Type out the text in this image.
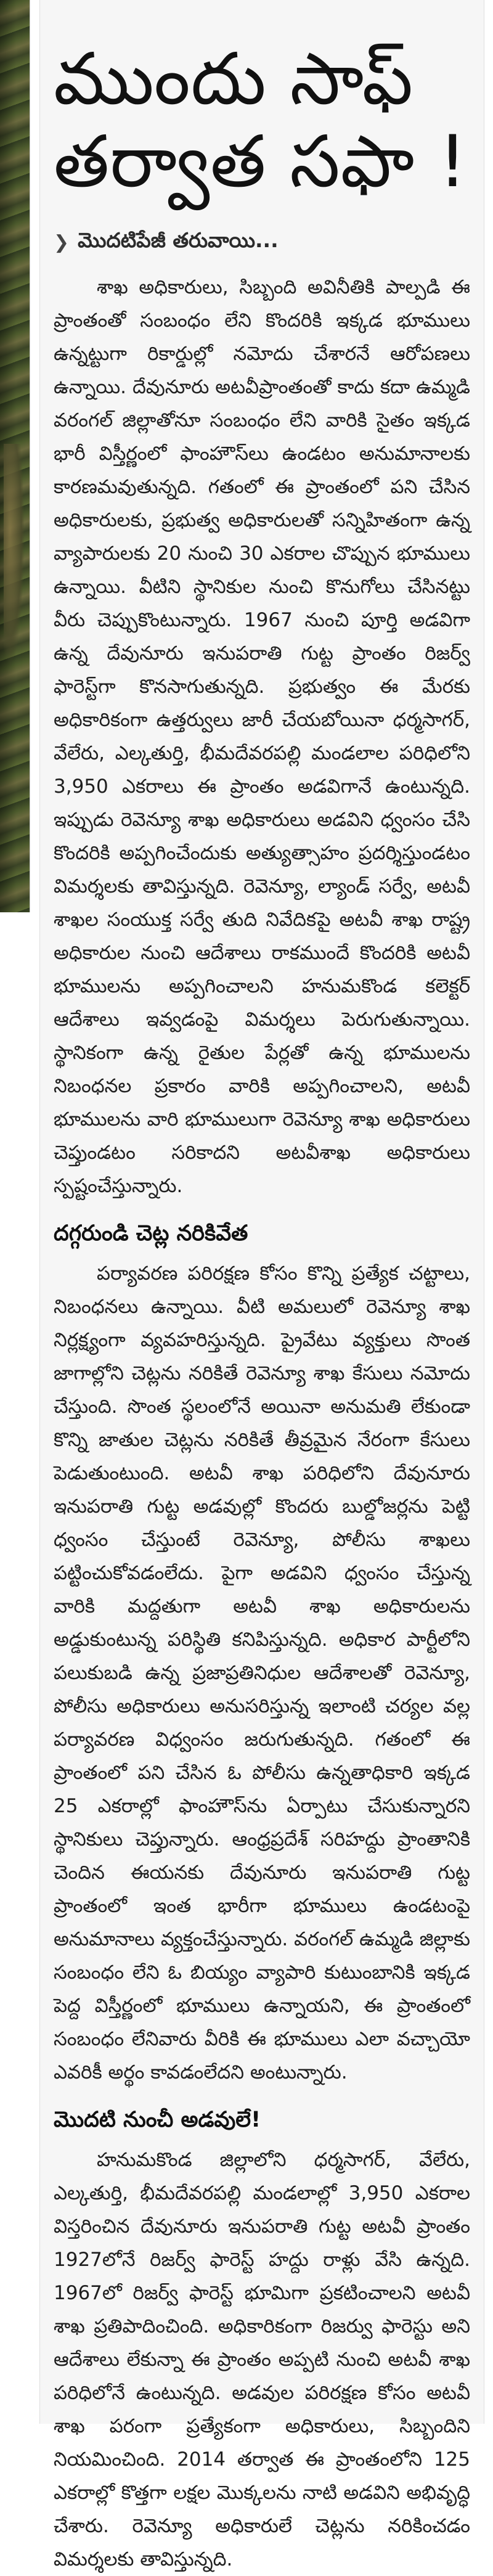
ముందు సాఫ్ తర్వాత సఫా !
❯ మొదటిపేజీ తరువాయి...

శాఖ అధికారులు, సిబ్బంది అవినీతికి పాల్పడి ఈ ప్రాంతంతో సంబంధం లేని కొందరికి ఇక్కడ భూములు ఉన్నట్టుగా రికార్డుల్లో నమోదు చేశారనే ఆరోపణలు ఉన్నాయి. దేవునూరు అటవీప్రాంతంతో కాదు కదా ఉమ్మడి వరంగల్ జిల్లాతోనూ సంబంధం లేని వారికి సైతం ఇక్కడ భారీ విస్తీర్ణంలో ఫాంహౌస్‌లు ఉండటం అనుమానాలకు కారణమవుతున్నది. గతంలో ఈ ప్రాంతంలో పని చేసిన అధికారులకు, ప్రభుత్వ అధికారులతో సన్నిహితంగా ఉన్న వ్యాపారులకు 20 నుంచి 30 ఎకరాల చొప్పున భూములు ఉన్నాయి. వీటిని స్థానికుల నుంచి కొనుగోలు చేసినట్టు వీరు చెప్పుకొంటున్నారు. 1967 నుంచి పూర్తి అడవిగా ఉన్న దేవునూరు ఇనుపరాతి గుట్ట ప్రాంతం రిజర్వ్ ఫారెస్ట్‌గా కొనసాగుతున్నది. ప్రభుత్వం ఈ మేరకు అధికారికంగా ఉత్తర్వులు జారీ చేయబోయినా ధర్మసాగర్, వేలేరు, ఎల్కతుర్తి, భీమదేవరపల్లి మండలాల పరిధిలోని 3,950 ఎకరాలు ఈ ప్రాంతం అడవిగానే ఉంటున్నది. ఇప్పుడు రెవెన్యూ శాఖ అధికారులు అడవిని ధ్వంసం చేసి కొందరికి అప్పగించేందుకు అత్యుత్సాహం ప్రదర్శిస్తుండటం విమర్శలకు తావిస్తున్నది. రెవెన్యూ, ల్యాండ్ సర్వే, అటవీ శాఖల సంయుక్త సర్వే తుది నివేదికపై అటవీ శాఖ రాష్ట్ర అధికారుల నుంచి ఆదేశాలు రాకముందే కొందరికి అటవీ భూములను అప్పగించాలని హనుమకొండ కలెక్టర్ ఆదేశాలు ఇవ్వడంపై విమర్శలు పెరుగుతున్నాయి. స్థానికంగా ఉన్న రైతుల పేర్లతో ఉన్న భూములను నిబంధనల ప్రకారం వారికి అప్పగించాలని, అటవీ భూములను వారి భూములుగా రెవెన్యూ శాఖ అధికారులు చెప్తుండటం సరికాదని అటవీశాఖ అధికారులు స్పష్టంచేస్తున్నారు.

దగ్గరుండి చెట్ల నరికివేత

పర్యావరణ పరిరక్షణ కోసం కొన్ని ప్రత్యేక చట్టాలు, నిబంధనలు ఉన్నాయి. వీటి అమలులో రెవెన్యూ శాఖ నిర్లక్ష్యంగా వ్యవహరిస్తున్నది. ప్రైవేటు వ్యక్తులు సొంత జాగాల్లోని చెట్లను నరికితే రెవెన్యూ శాఖ కేసులు నమోదు చేస్తుంది. సొంత స్థలంలోనే అయినా అనుమతి లేకుండా కొన్ని జాతుల చెట్లను నరికితే తీవ్రమైన నేరంగా కేసులు పెడుతుంటుంది. అటవీ శాఖ పరిధిలోని దేవునూరు ఇనుపరాతి గుట్ట అడవుల్లో కొందరు బుల్డోజర్లను పెట్టి ధ్వంసం చేస్తుంటే రెవెన్యూ, పోలీసు శాఖలు పట్టించుకోవడంలేదు. పైగా అడవిని ధ్వంసం చేస్తున్న వారికి మద్దతుగా అటవీ శాఖ అధికారులను అడ్డుకుంటున్న పరిస్థితి కనిపిస్తున్నది. అధికార పార్టీలోని పలుకుబడి ఉన్న ప్రజాప్రతినిధుల ఆదేశాలతో రెవెన్యూ, పోలీసు అధికారులు అనుసరిస్తున్న ఇలాంటి చర్యల వల్ల పర్యావరణ విధ్వంసం జరుగుతున్నది. గతంలో ఈ ప్రాంతంలో పని చేసిన ఓ పోలీసు ఉన్నతాధికారి ఇక్కడ 25 ఎకరాల్లో ఫాంహౌస్‌ను ఏర్పాటు చేసుకున్నారని స్థానికులు చెప్తున్నారు. ఆంధ్రప్రదేశ్ సరిహద్దు ప్రాంతానికి చెందిన ఈయనకు దేవునూరు ఇనుపరాతి గుట్ట ప్రాంతంలో ఇంత భారీగా భూములు ఉండటంపై అనుమానాలు వ్యక్తంచేస్తున్నారు. వరంగల్ ఉమ్మడి జిల్లాకు సంబంధం లేని ఓ బియ్యం వ్యాపారి కుటుంబానికి ఇక్కడ పెద్ద విస్తీర్ణంలో భూములు ఉన్నాయని, ఈ ప్రాంతంలో సంబంధం లేనివారు వీరికి ఈ భూములు ఎలా వచ్చాయో ఎవరికీ అర్థం కావడంలేదని అంటున్నారు.

మొదటి నుంచీ అడవులే!

హనుమకొండ జిల్లాలోని ధర్మసాగర్, వేలేరు, ఎల్కతుర్తి, భీమదేవరపల్లి మండలాల్లో 3,950 ఎకరాల విస్తరించిన దేవునూరు ఇనుపరాతి గుట్ట అటవీ ప్రాంతం 1927లోనే రిజర్వ్ ఫారెస్ట్ హద్దు రాళ్లు వేసి ఉన్నది. 1967లో రిజర్వ్ ఫారెస్ట్ భూమిగా ప్రకటించాలని అటవీ శాఖ ప్రతిపాదించింది. అధికారికంగా రిజర్వు ఫారెస్టు అని ఆదేశాలు లేకున్నా ఈ ప్రాంతం అప్పటి నుంచి అటవీ శాఖ పరిధిలోనే ఉంటున్నది. అడవుల పరిరక్షణ కోసం అటవీ శాఖ పరంగా ప్రత్యేకంగా అధికారులు, సిబ్బందిని నియమించింది. 2014 తర్వాత ఈ ప్రాంతంలోని 125 ఎకరాల్లో కొత్తగా లక్షల మొక్కలను నాటి అడవిని అభివృద్ధి చేశారు. రెవెన్యూ అధికారులే చెట్లను నరికించడం విమర్శలకు తావిస్తున్నది.
